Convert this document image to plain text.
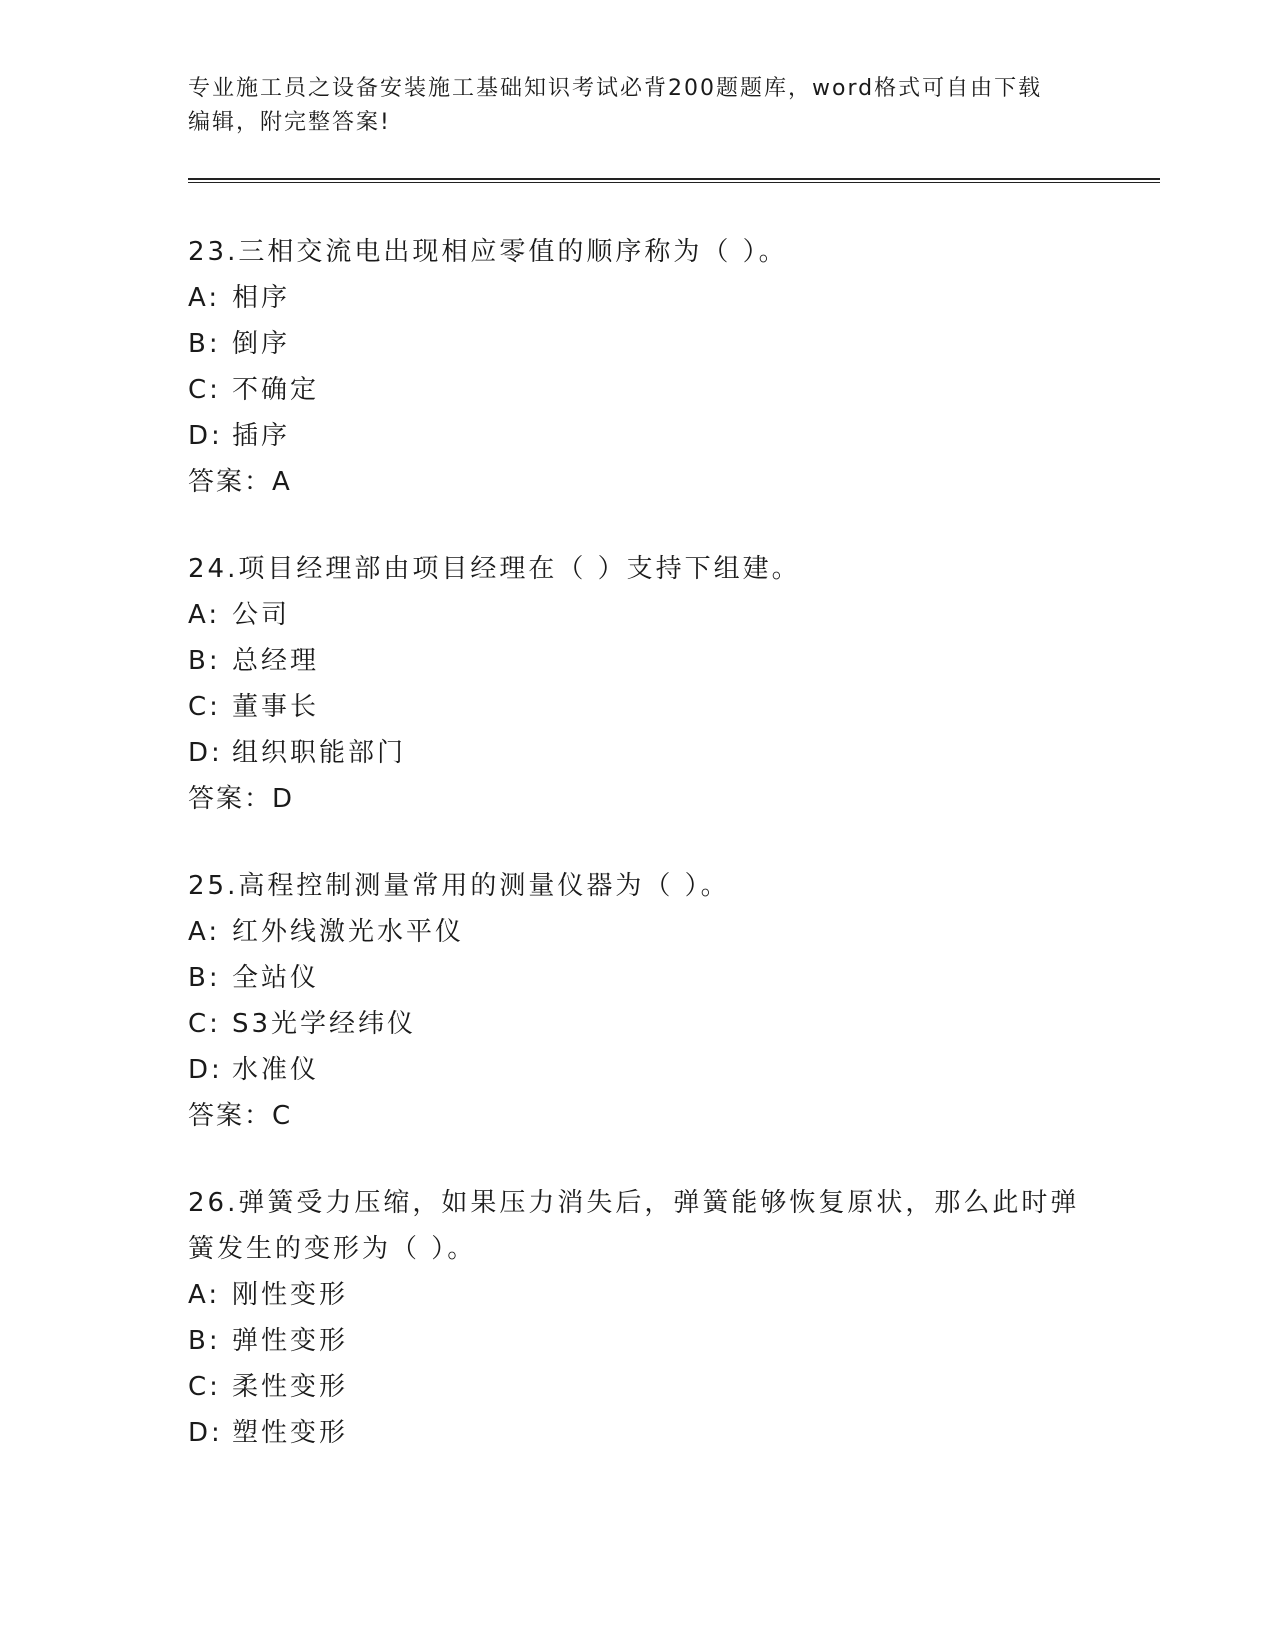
专业施工员之设备安装施工基础知识考试必背200题题库，word格式可自由下载
编辑，附完整答案!

23.三相交流电出现相应零值的顺序称为（ ）。

A: 相序

B: 倒序

C: 不确定

D: 插序

答案：A

24.项目经理部由项目经理在（ ）支持下组建。

A: 公司

B: 总经理

C: 董事长

D: 组织职能部门

答案：D

25.高程控制测量常用的测量仪器为（ ）。

A: 红外线激光水平仪

B: 全站仪

C: S3光学经纬仪

D: 水准仪

答案：C

26.弹簧受力压缩，如果压力消失后，弹簧能够恢复原状，那么此时弹

簧发生的变形为（ ）。

A: 刚性变形

B: 弹性变形

C: 柔性变形

D: 塑性变形
